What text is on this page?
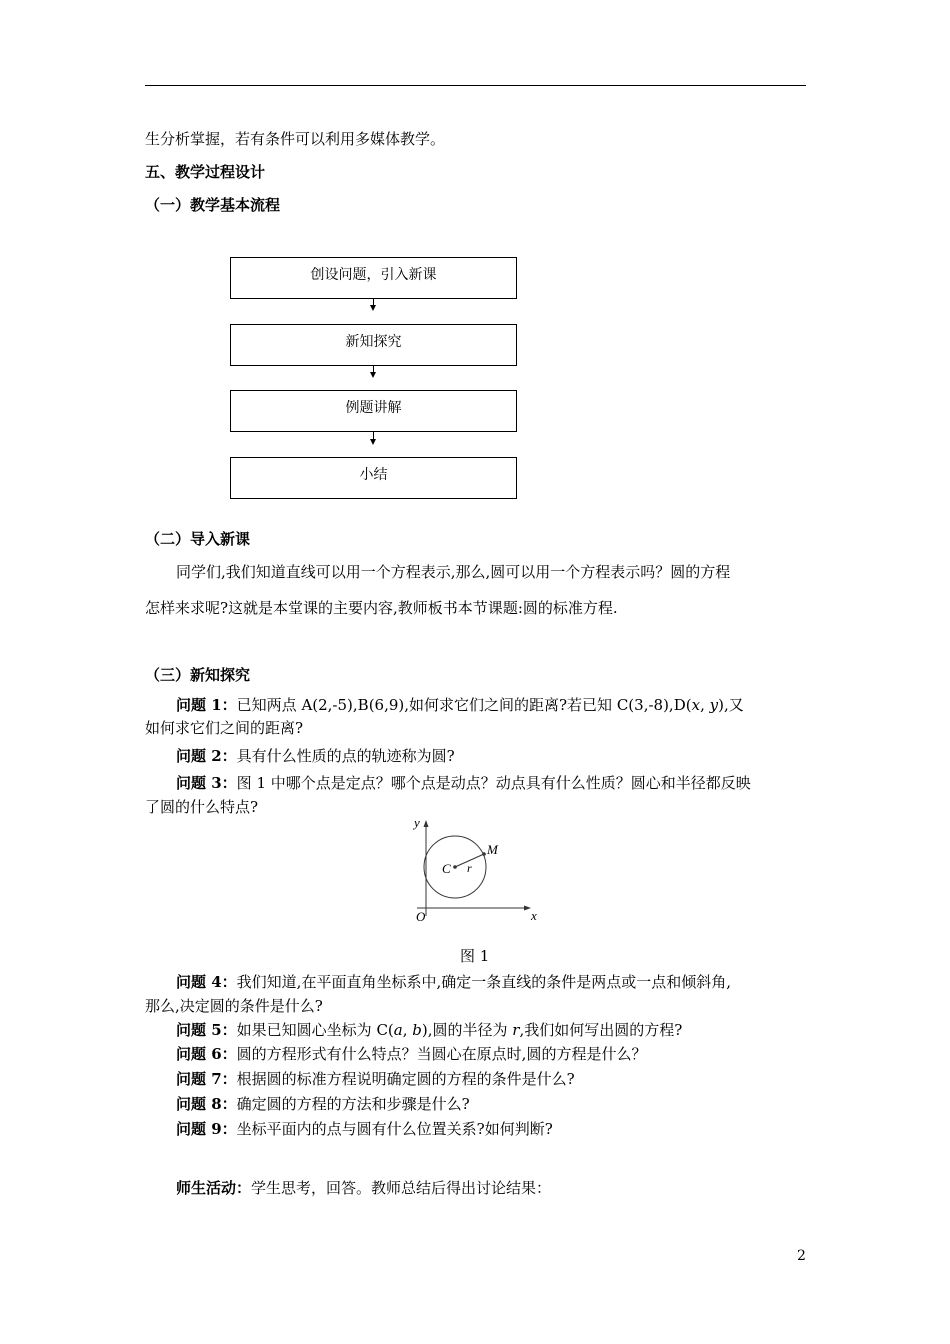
生分析掌握，若有条件可以利用多媒体教学。
五、教学过程设计
（一）教学基本流程
创设问题，引入新课
新知探究
例题讲解
小结
（二）导入新课
同学们,我们知道直线可以用一个方程表示,那么,圆可以用一个方程表示吗？圆的方程
怎样来求呢?这就是本堂课的主要内容,教师板书本节课题:圆的标准方程.
（三）新知探究
问题 1：已知两点 A(2,-5),B(6,9),如何求它们之间的距离?若已知 C(3,-8),D(x, y),又
如何求它们之间的距离?
问题 2：具有什么性质的点的轨迹称为圆?
问题 3：图 1 中哪个点是定点？哪个点是动点？动点具有什么性质？圆心和半径都反映
了圆的什么特点?
y
x
O
C r
M
图 1
问题 4：我们知道,在平面直角坐标系中,确定一条直线的条件是两点或一点和倾斜角,
那么,决定圆的条件是什么?
问题 5：如果已知圆心坐标为 C(a, b),圆的半径为 r,我们如何写出圆的方程?
问题 6：圆的方程形式有什么特点？当圆心在原点时,圆的方程是什么？
问题 7：根据圆的标准方程说明确定圆的方程的条件是什么?
问题 8：确定圆的方程的方法和步骤是什么?
问题 9：坐标平面内的点与圆有什么位置关系?如何判断?
师生活动：学生思考，回答。教师总结后得出讨论结果：
2
